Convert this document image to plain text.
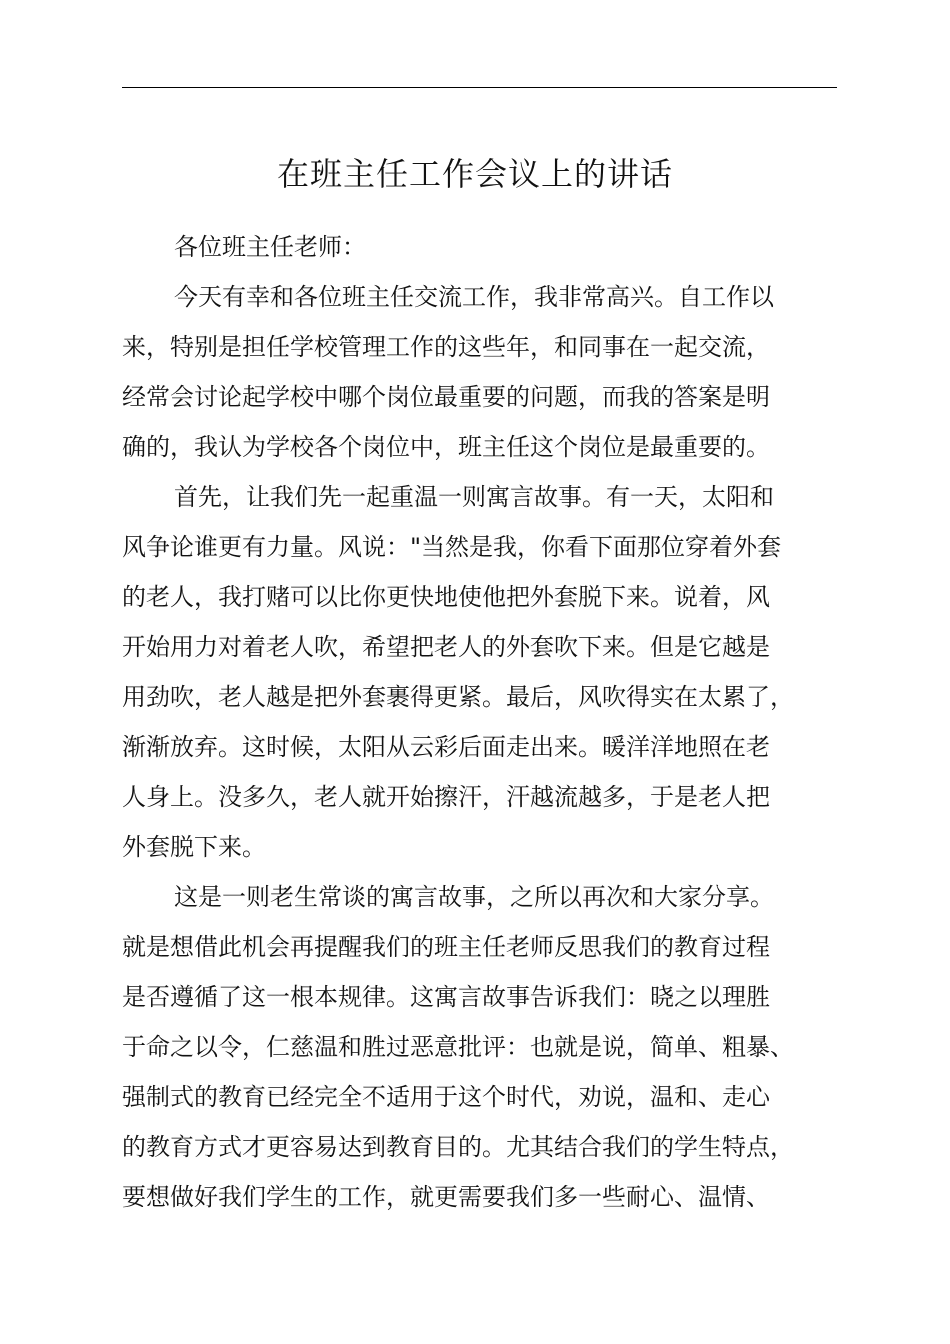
在班主任工作会议上的讲话
各位班主任老师：
今天有幸和各位班主任交流工作，我非常高兴。自工作以
来，特别是担任学校管理工作的这些年，和同事在一起交流，
经常会讨论起学校中哪个岗位最重要的问题，而我的答案是明
确的，我认为学校各个岗位中，班主任这个岗位是最重要的。
首先，让我们先一起重温一则寓言故事。有一天，太阳和
风争论谁更有力量。风说："当然是我，你看下面那位穿着外套
的老人，我打赌可以比你更快地使他把外套脱下来。说着，风
开始用力对着老人吹，希望把老人的外套吹下来。但是它越是
用劲吹，老人越是把外套裹得更紧。最后，风吹得实在太累了，
渐渐放弃。这时候，太阳从云彩后面走出来。暖洋洋地照在老
人身上。没多久，老人就开始擦汗，汗越流越多，于是老人把
外套脱下来。
这是一则老生常谈的寓言故事，之所以再次和大家分享。
就是想借此机会再提醒我们的班主任老师反思我们的教育过程
是否遵循了这一根本规律。这寓言故事告诉我们：晓之以理胜
于命之以令，仁慈温和胜过恶意批评：也就是说，简单、粗暴、
强制式的教育已经完全不适用于这个时代，劝说，温和、走心
的教育方式才更容易达到教育目的。尤其结合我们的学生特点，
要想做好我们学生的工作，就更需要我们多一些耐心、温情、
